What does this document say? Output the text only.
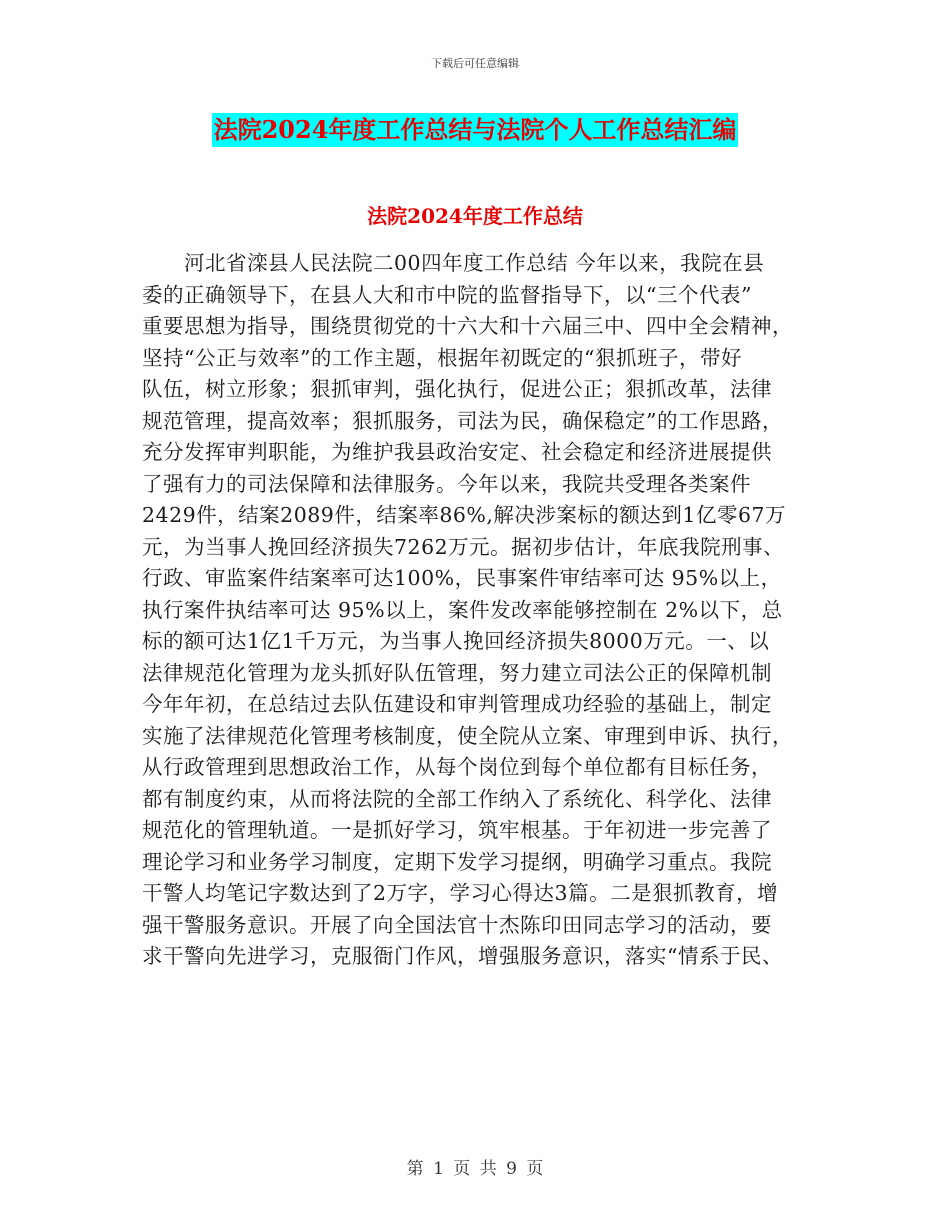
下载后可任意编辑
法院2024年度工作总结与法院个人工作总结汇编
法院2024年度工作总结
　　河北省滦县人民法院二00四年度工作总结 今年以来，我院在县
委的正确领导下，在县人大和市中院的监督指导下，以“三个代表”
重要思想为指导，围绕贯彻党的十六大和十六届三中、四中全会精神，
坚持“公正与效率”的工作主题，根据年初既定的“狠抓班子，带好
队伍，树立形象；狠抓审判，强化执行，促进公正；狠抓改革，法律
规范管理，提高效率；狠抓服务，司法为民，确保稳定”的工作思路，
充分发挥审判职能，为维护我县政治安定、社会稳定和经济进展提供
了强有力的司法保障和法律服务。今年以来，我院共受理各类案件
2429件，结案2089件，结案率86%,解决涉案标的额达到1亿零67万
元，为当事人挽回经济损失7262万元。据初步估计，年底我院刑事、
行政、审监案件结案率可达100%，民事案件审结率可达 95%以上，
执行案件执结率可达 95%以上，案件发改率能够控制在 2%以下，总
标的额可达1亿1千万元，为当事人挽回经济损失8000万元。一、以
法律规范化管理为龙头抓好队伍管理，努力建立司法公正的保障机制
今年年初，在总结过去队伍建设和审判管理成功经验的基础上，制定
实施了法律规范化管理考核制度，使全院从立案、审理到申诉、执行，
从行政管理到思想政治工作，从每个岗位到每个单位都有目标任务，
都有制度约束，从而将法院的全部工作纳入了系统化、科学化、法律
规范化的管理轨道。一是抓好学习，筑牢根基。于年初进一步完善了
理论学习和业务学习制度，定期下发学习提纲，明确学习重点。我院
干警人均笔记字数达到了2万字，学习心得达3篇。二是狠抓教育，增
强干警服务意识。开展了向全国法官十杰陈印田同志学习的活动，要
求干警向先进学习，克服衙门作风，增强服务意识，落实“情系于民、
第 1 页 共 9 页
